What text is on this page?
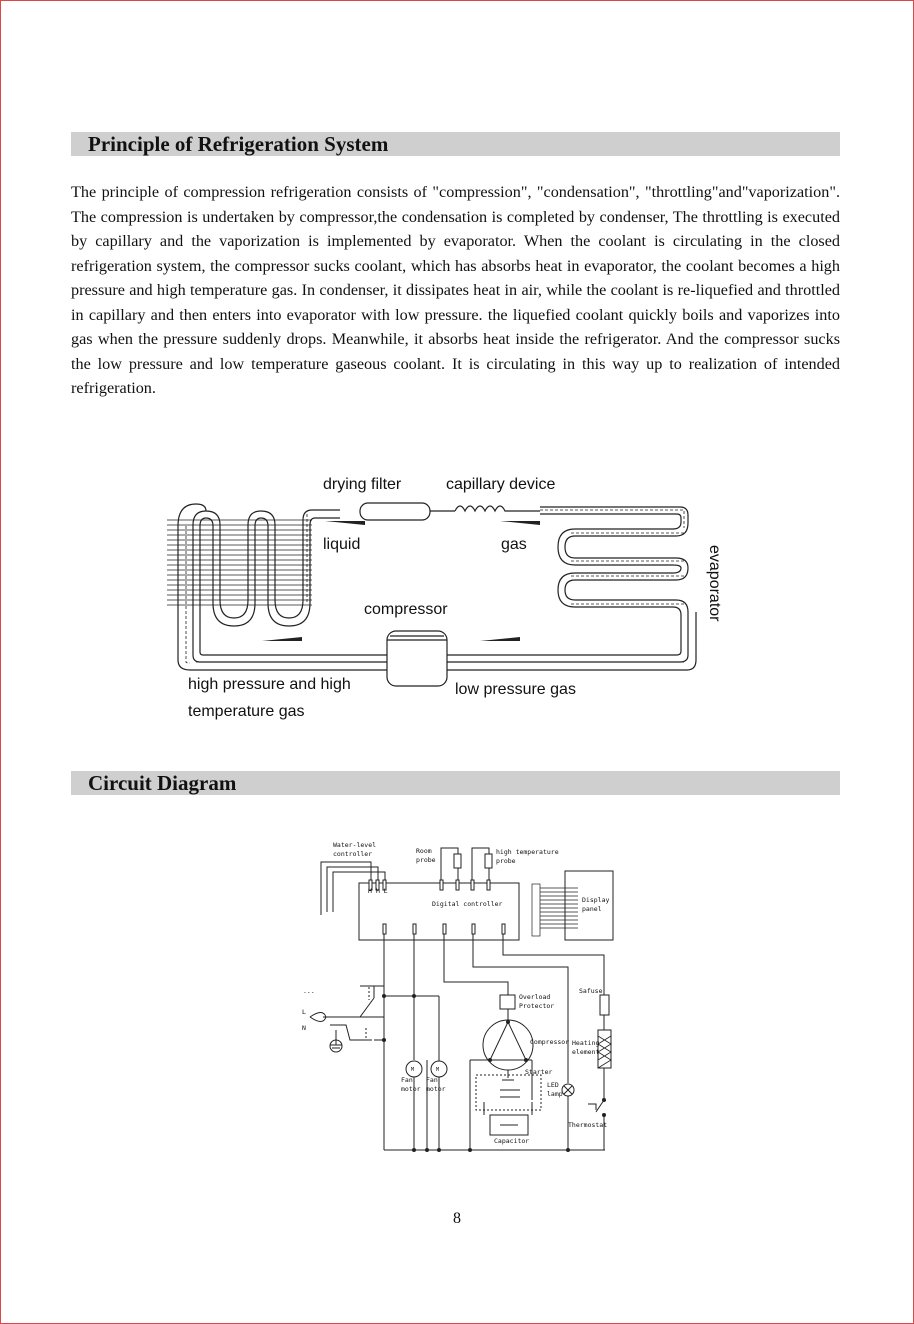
Principle of Refrigeration System

The principle of compression refrigeration consists of "compression", "condensation", "throttling"and"vaporization". The compression is undertaken by compressor,the condensation is completed by condenser, The throttling is executed by capillary and the vaporization is implemented by evaporator. When the coolant is circulating in the closed refrigeration system, the compressor sucks coolant, which has absorbs heat in evaporator, the coolant becomes a high pressure and high temperature gas. In condenser, it dissipates heat in air, while the coolant is re-liquefied and throttled in capillary and then enters into evaporator with low pressure. the liquefied coolant quickly boils and vaporizes into gas when the pressure suddenly drops. Meanwhile, it absorbs heat inside the refrigerator. And the compressor sucks the low pressure and low temperature gaseous coolant. It is circulating in this way up to realization of intended refrigeration.

drying filter	capillary device
liquid	gas
compressor
high pressure and high
temperature gas
low pressure gas
evaporator
Circuit Diagram
Water-level
controller
H M L
Room
probe
high temperature
probe
Digital controller	Display
panel
...
L
N
Overload
Protector
Safuse
Compressor Heating
element
Starter
LED
lamp
Fan
motor
Fan
motor
Thermostat
Capacitor
M	M
8
